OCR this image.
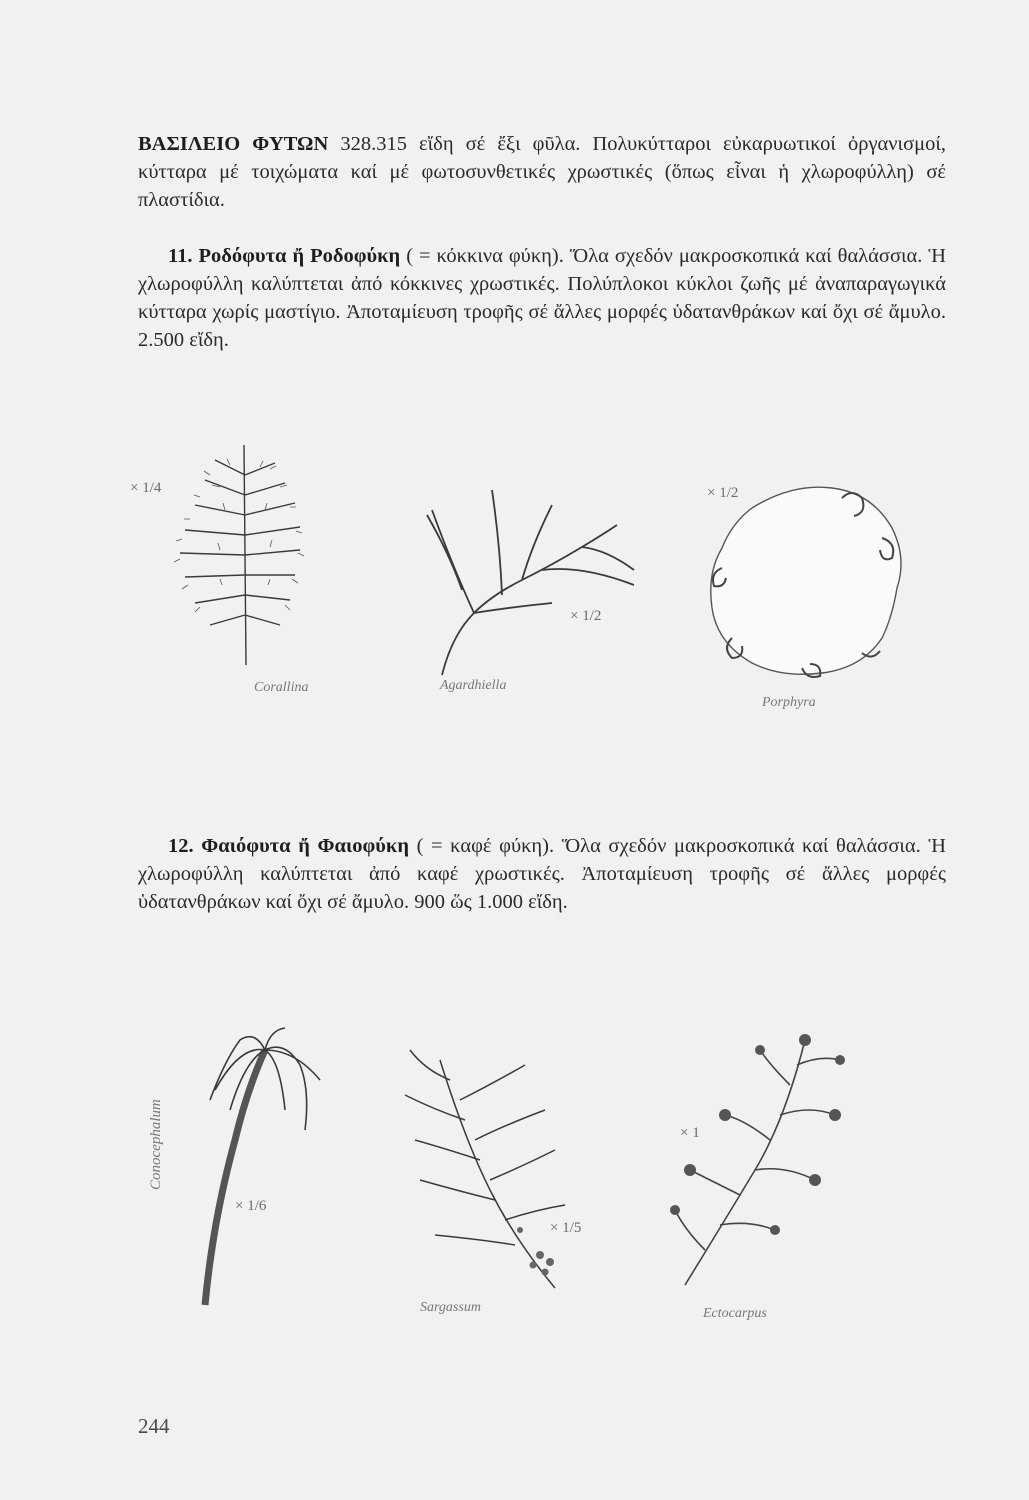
ΒΑΣΙΛΕΙΟ ΦΥΤΩΝ 328.315 εἴδη σέ ἔξι φῦλα. Πολυκύτταροι εὐκαρυωτικοί ὀργανισμοί, κύτταρα μέ τοιχώματα καί μέ φωτοσυνθετικές χρωστικές (ὅπως εἶναι ἡ χλωροφύλλη) σέ πλαστίδια.

11. Ροδόφυτα ἤ Ροδοφύκη ( = κόκκινα φύκη). Ὅλα σχεδόν μακροσκοπικά καί θαλάσσια. Ἡ χλωροφύλλη καλύπτεται ἀπό κόκκινες χρωστικές. Πολύπλοκοι κύκλοι ζωῆς μέ ἀναπαραγωγικά κύτταρα χωρίς μαστίγιο. Ἀποταμίευση τροφῆς σέ ἄλλες μορφές ὑδατανθράκων καί ὄχι σέ ἄμυλο. 2.500 εἴδη.

12. Φαιόφυτα ἤ Φαιοφύκη ( = καφέ φύκη). Ὅλα σχεδόν μακροσκοπικά καί θαλάσσια. Ἡ χλωροφύλλη καλύπτεται ἀπό καφέ χρωστικές. Ἀποταμίευση τροφῆς σέ ἄλλες μορφές ὑδατανθράκων καί ὄχι σέ ἄμυλο. 900 ὥς 1.000 εἴδη.

× 1/4
Corallina
× 1/2
Agardhiella
× 1/2
Porphyra
Conocephalum
× 1/6
× 1/5
Sargassum
× 1
Ectocarpus
244
